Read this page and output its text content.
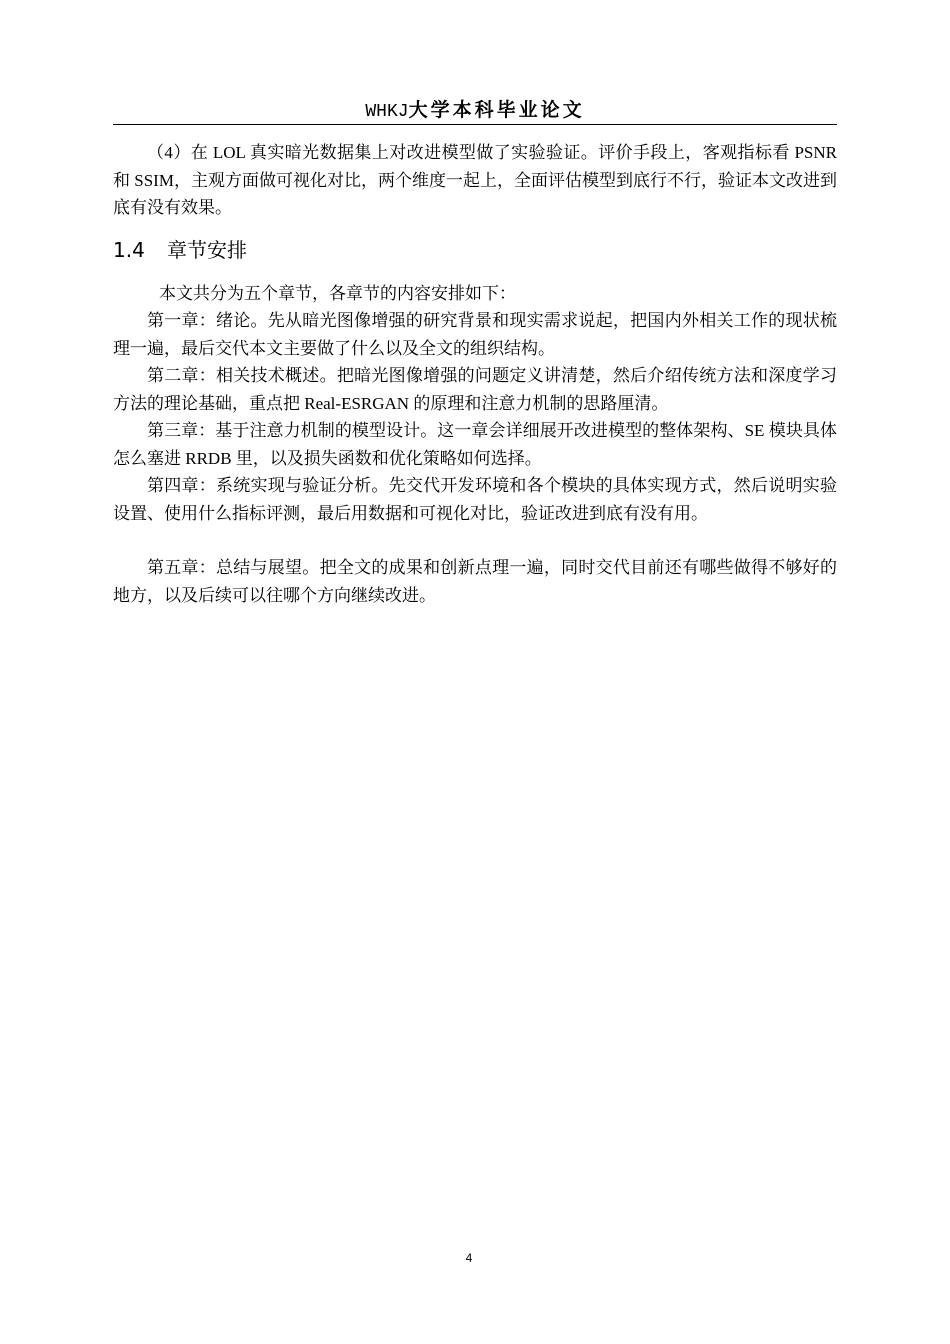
WHKJ大学本科毕业论文

（4）在 LOL 真实暗光数据集上对改进模型做了实验验证。评价手段上，客观指标看 PSNR 和 SSIM，主观方面做可视化对比，两个维度一起上，全面评估模型到底行不行，验证本文改进到底有没有效果。

1.4 章节安排

本文共分为五个章节，各章节的内容安排如下：

第一章：绪论。先从暗光图像增强的研究背景和现实需求说起，把国内外相关工作的现状梳理一遍，最后交代本文主要做了什么以及全文的组织结构。

第二章：相关技术概述。把暗光图像增强的问题定义讲清楚，然后介绍传统方法和深度学习方法的理论基础，重点把 Real-ESRGAN 的原理和注意力机制的思路厘清。

第三章：基于注意力机制的模型设计。这一章会详细展开改进模型的整体架构、SE 模块具体怎么塞进 RRDB 里，以及损失函数和优化策略如何选择。

第四章：系统实现与验证分析。先交代开发环境和各个模块的具体实现方式，然后说明实验设置、使用什么指标评测，最后用数据和可视化对比，验证改进到底有没有用。

第五章：总结与展望。把全文的成果和创新点理一遍，同时交代目前还有哪些做得不够好的地方，以及后续可以往哪个方向继续改进。

4
